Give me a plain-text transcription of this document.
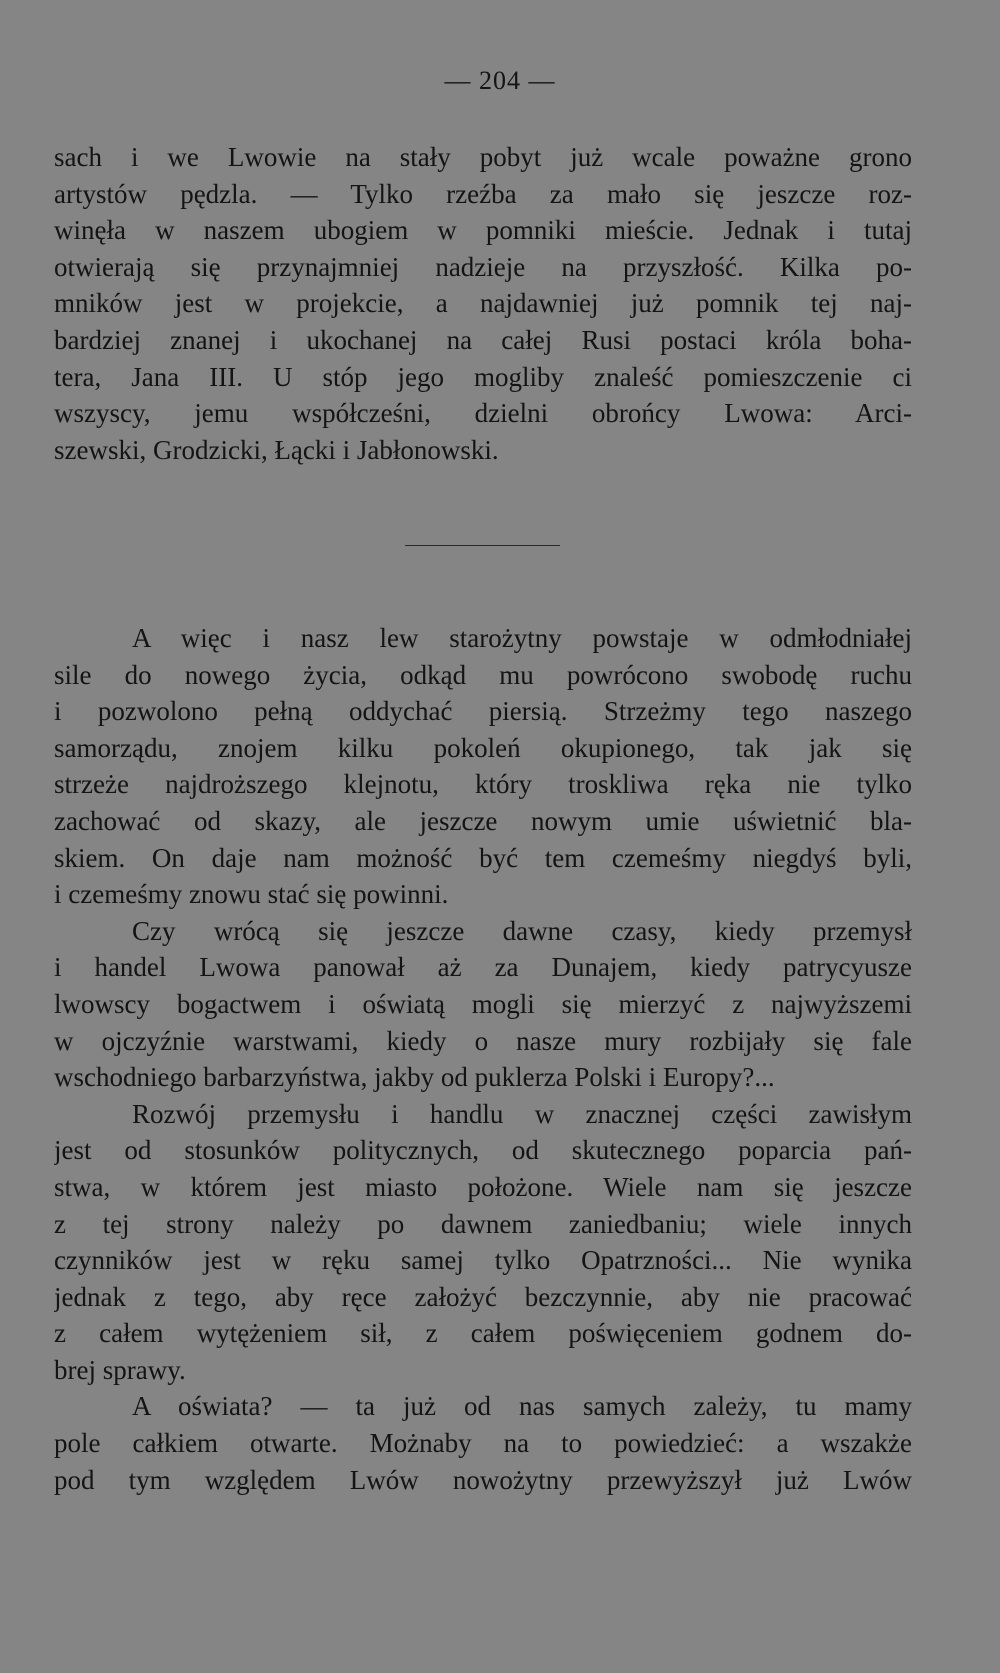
— 204 —
sach i we Lwowie na stały pobyt już wcale poważne grono
artystów pędzla. — Tylko rzeźba za mało się jeszcze roz-
winęła w naszem ubogiem w pomniki mieście. Jednak i tutaj
otwierają się przynajmniej nadzieje na przyszłość. Kilka po-
mników jest w projekcie, a najdawniej już pomnik tej naj-
bardziej znanej i ukochanej na całej Rusi postaci króla boha-
tera, Jana III. U stóp jego mogliby znaleść pomieszczenie ci
wszyscy, jemu współcześni, dzielni obrońcy Lwowa: Arci-
szewski, Grodzicki, Łącki i Jabłonowski.
A więc i nasz lew starożytny powstaje w odmłodniałej
sile do nowego życia, odkąd mu powrócono swobodę ruchu
i pozwolono pełną oddychać piersią. Strzeżmy tego naszego
samorządu, znojem kilku pokoleń okupionego, tak jak się
strzeże najdroższego klejnotu, który troskliwa ręka nie tylko
zachować od skazy, ale jeszcze nowym umie uświetnić bla-
skiem. On daje nam możność być tem czemeśmy niegdyś byli,
i czemeśmy znowu stać się powinni.
Czy wrócą się jeszcze dawne czasy, kiedy przemysł
i handel Lwowa panował aż za Dunajem, kiedy patrycyusze
lwowscy bogactwem i oświatą mogli się mierzyć z najwyższemi
w ojczyźnie warstwami, kiedy o nasze mury rozbijały się fale
wschodniego barbarzyństwa, jakby od puklerza Polski i Europy?...
Rozwój przemysłu i handlu w znacznej części zawisłym
jest od stosunków politycznych, od skutecznego poparcia pań-
stwa, w którem jest miasto położone. Wiele nam się jeszcze
z tej strony należy po dawnem zaniedbaniu; wiele innych
czynników jest w ręku samej tylko Opatrzności... Nie wynika
jednak z tego, aby ręce założyć bezczynnie, aby nie pracować
z całem wytężeniem sił, z całem poświęceniem godnem do-
brej sprawy.
A oświata? — ta już od nas samych zależy, tu mamy
pole całkiem otwarte. Możnaby na to powiedzieć: a wszakże
pod tym względem Lwów nowożytny przewyższył już Lwów
